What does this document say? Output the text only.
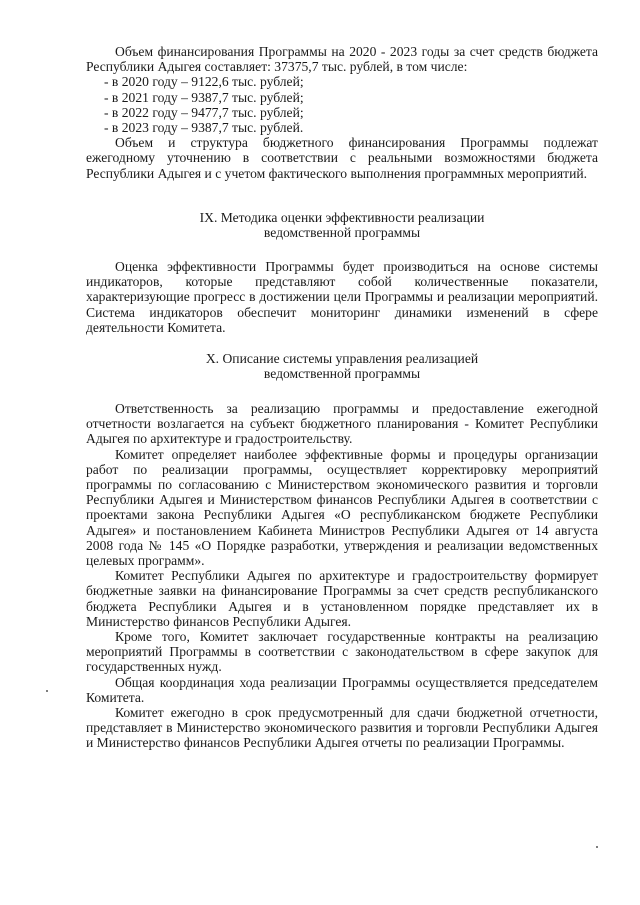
Объем финансирования Программы на 2020 - 2023 годы за счет средств бюджета Республики Адыгея составляет: 37375,7 тыс. рублей, в том числе:

- в 2020 году – 9122,6 тыс. рублей;

- в 2021 году – 9387,7 тыс. рублей;

- в 2022 году – 9477,7 тыс. рублей;

- в 2023 году – 9387,7 тыс. рублей.

Объем и структура бюджетного финансирования Программы подлежат ежегодному уточнению в соответствии с реальными возможностями бюджета Республики Адыгея и с учетом фактического выполнения программных мероприятий.

IX. Методика оценки эффективности реализации
ведомственной программы

Оценка эффективности Программы будет производиться на основе системы индикаторов, которые представляют собой количественные показатели, характеризующие прогресс в достижении цели Программы и реализации мероприятий. Система индикаторов обеспечит мониторинг динамики изменений в сфере деятельности Комитета.

X. Описание системы управления реализацией
ведомственной программы

Ответственность за реализацию программы и предоставление ежегодной отчетности возлагается на субъект бюджетного планирования - Комитет Республики Адыгея по архитектуре и градостроительству.

Комитет определяет наиболее эффективные формы и процедуры организации работ по реализации программы, осуществляет корректировку мероприятий программы по согласованию с Министерством экономического развития и торговли Республики Адыгея и Министерством финансов Республики Адыгея в соответствии с проектами закона Республики Адыгея «О республиканском бюджете Республики Адыгея» и постановлением Кабинета Министров Республики Адыгея от 14 августа 2008 года № 145 «О Порядке разработки, утверждения и реализации ведомственных целевых программ».

Комитет Республики Адыгея по архитектуре и градостроительству формирует бюджетные заявки на финансирование Программы за счет средств республиканского бюджета Республики Адыгея и в установленном порядке представляет их в Министерство финансов Республики Адыгея.

Кроме того, Комитет заключает государственные контракты на реализацию мероприятий Программы в соответствии с законодательством в сфере закупок для государственных нужд.

Общая координация хода реализации Программы осуществляется председателем Комитета.

Комитет ежегодно в срок предусмотренный для сдачи бюджетной отчетности, представляет в Министерство экономического развития и торговли Республики Адыгея и Министерство финансов Республики Адыгея отчеты по реализации Программы.
